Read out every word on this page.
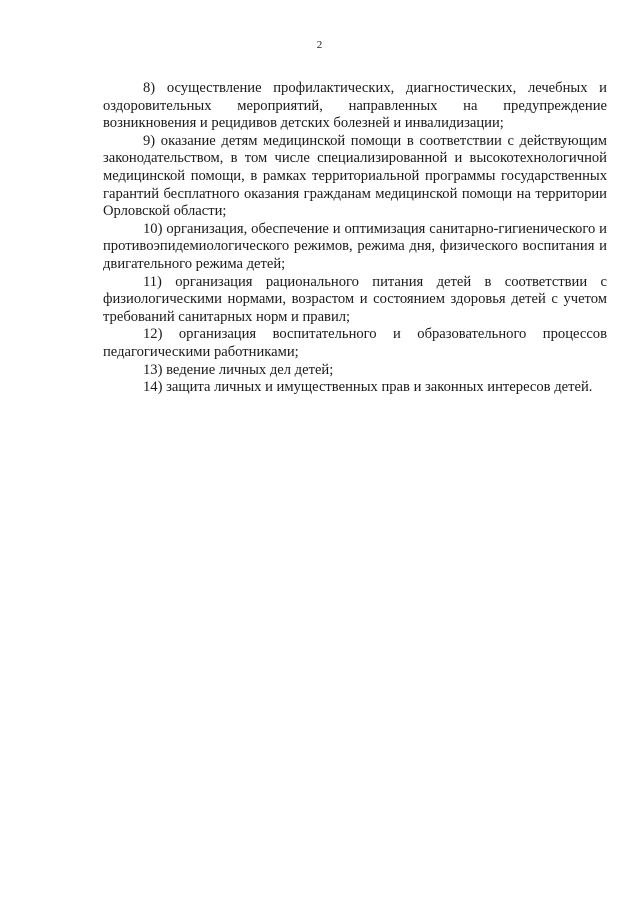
2

8) осуществление профилактических, диагностических, лечебных и оздоровительных мероприятий, направленных на предупреждение возникновения и рецидивов детских болезней и инвалидизации;

9) оказание детям медицинской помощи в соответствии с действующим законодательством, в том числе специализированной и высокотехнологичной медицинской помощи, в рамках территориальной программы государственных гарантий бесплатного оказания гражданам медицинской помощи на территории Орловской области;

10) организация, обеспечение и оптимизация санитарно-гигиенического и противоэпидемиологического режимов, режима дня, физического воспитания и двигательного режима детей;

11) организация рационального питания детей в соответствии с физиологическими нормами, возрастом и состоянием здоровья детей с учетом требований санитарных норм и правил;

12) организация воспитательного и образовательного процессов педагогическими работниками;

13) ведение личных дел детей;

14) защита личных и имущественных прав и законных интересов детей.
